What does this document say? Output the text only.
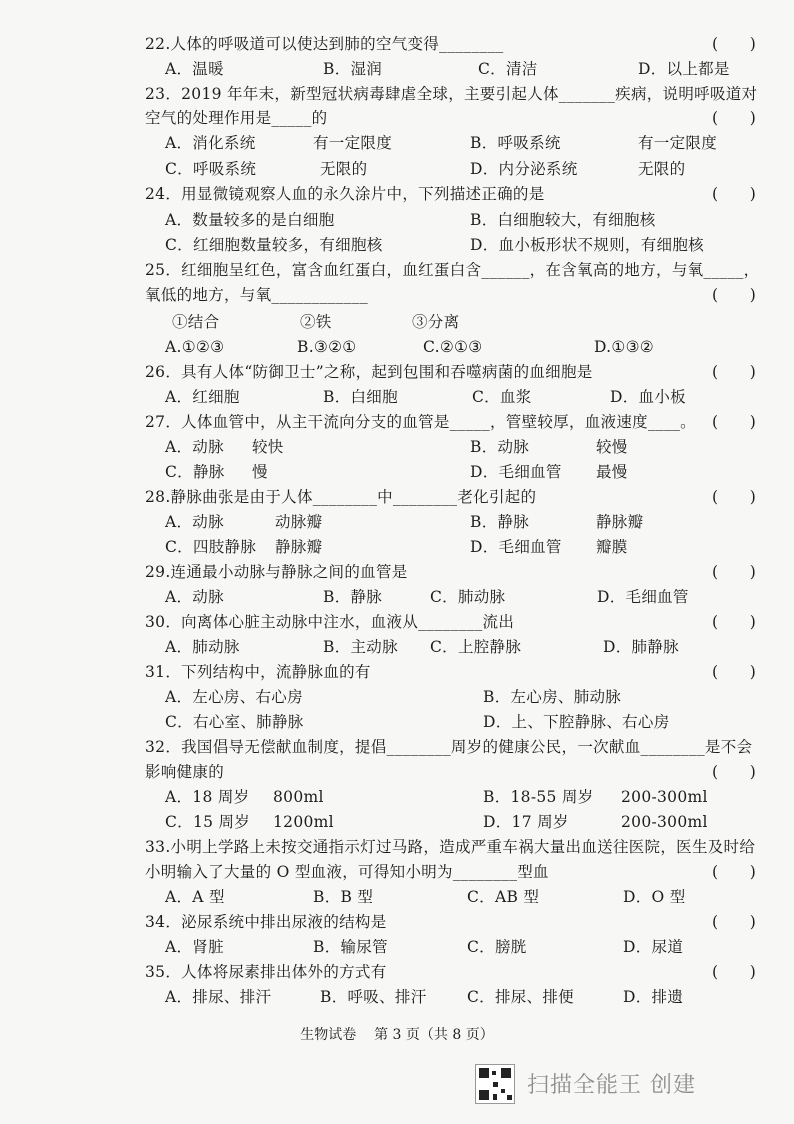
22.人体的呼吸道可以使达到肺的空气变得________	(      )
A．温暖	B．湿润	C．清洁	D．以上都是
23．2019 年年末，新型冠状病毒肆虐全球，主要引起人体_______疾病，说明呼吸道对
空气的处理作用是_____的	(      )
A．消化系统	有一定限度	B．呼吸系统	有一定限度
C．呼吸系统	无限的	D．内分泌系统	无限的
24．用显微镜观察人血的永久涂片中，下列描述正确的是	(      )
A．数量较多的是白细胞	B．白细胞较大，有细胞核
C．红细胞数量较多，有细胞核	D．血小板形状不规则，有细胞核
25．红细胞呈红色，富含血红蛋白，血红蛋白含______，在含氧高的地方，与氧_____，
氧低的地方，与氧____________	(      )
①结合	②铁	③分离
A.①②③	B.③②①	C.②①③	D.①③②
26．具有人体“防御卫士”之称，起到包围和吞噬病菌的血细胞是	(      )
A．红细胞	B．白细胞	C．血浆	D．血小板
27．人体血管中，从主干流向分支的血管是_____，管壁较厚，血液速度____。 (      )
A．动脉 较快	B．动脉	较慢
C．静脉 慢	D．毛细血管 最慢
28.静脉曲张是由于人体________中________老化引起的	(      )
A．动脉	动脉瓣	B．静脉	静脉瓣
C．四肢静脉 静脉瓣	D．毛细血管 瓣膜
29.连通最小动脉与静脉之间的血管是	(      )
A．动脉	B．静脉	C．肺动脉	D．毛细血管
30．向离体心脏主动脉中注水，血液从________流出	(      )
A．肺动脉	B．主动脉 C．上腔静脉	D．肺静脉
31．下列结构中，流静脉血的有	(      )
A．左心房、右心房	B．左心房、肺动脉
C．右心室、肺静脉	D．上、下腔静脉、右心房
32．我国倡导无偿献血制度，提倡________周岁的健康公民，一次献血________是不会
影响健康的	(      )
A．18 周岁 800ml	B．18-55 周岁 200-300ml
C．15 周岁 1200ml	D．17 周岁	200-300ml
33.小明上学路上未按交通指示灯过马路，造成严重车祸大量出血送往医院，医生及时给
小明输入了大量的 O 型血液，可得知小明为________型血	(      )
A．A 型	B．B 型	C．AB 型	D．O 型
34．泌尿系统中排出尿液的结构是	(      )
A．肾脏	B．输尿管	C．膀胱	D．尿道
35．人体将尿素排出体外的方式有	(      )
A．排尿、排汗	B．呼吸、排汗	C．排尿、排便	D．排遗
生物试卷    第 3 页（共 8 页）
扫描全能王 创建
